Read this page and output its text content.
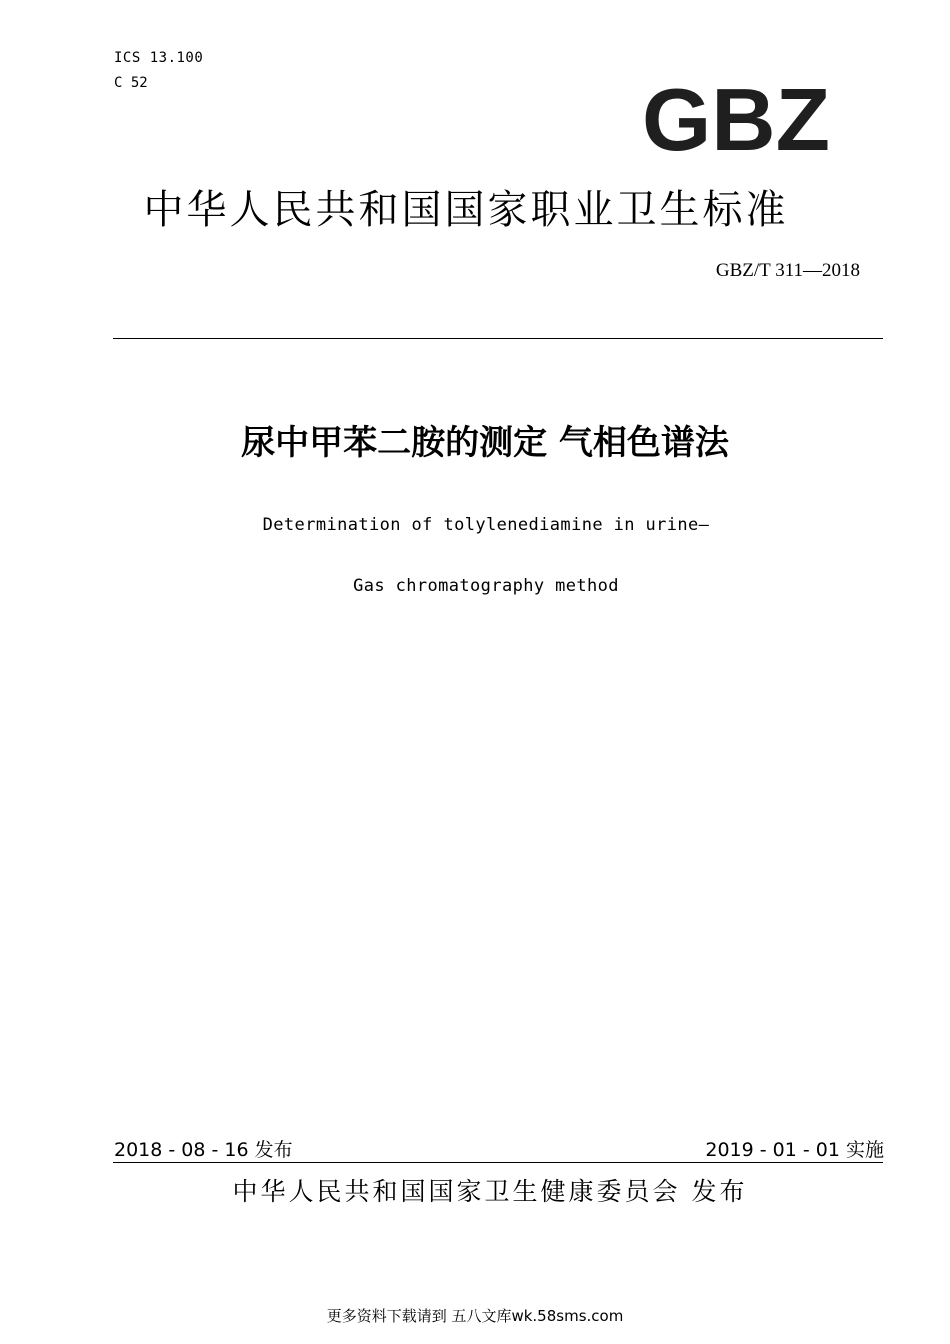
ICS 13.100
C 52	GBZ
中华人民共和国国家职业卫生标准
GBZ/T 311—2018
尿中甲苯二胺的测定 气相色谱法
Determination of tolylenediamine in urine—
Gas chromatography method
2018 - 08 - 16 发布	2019 - 01 - 01 实施
中华人民共和国国家卫生健康委员会 发布
更多资料下载请到 五八文库wk.58sms.com
